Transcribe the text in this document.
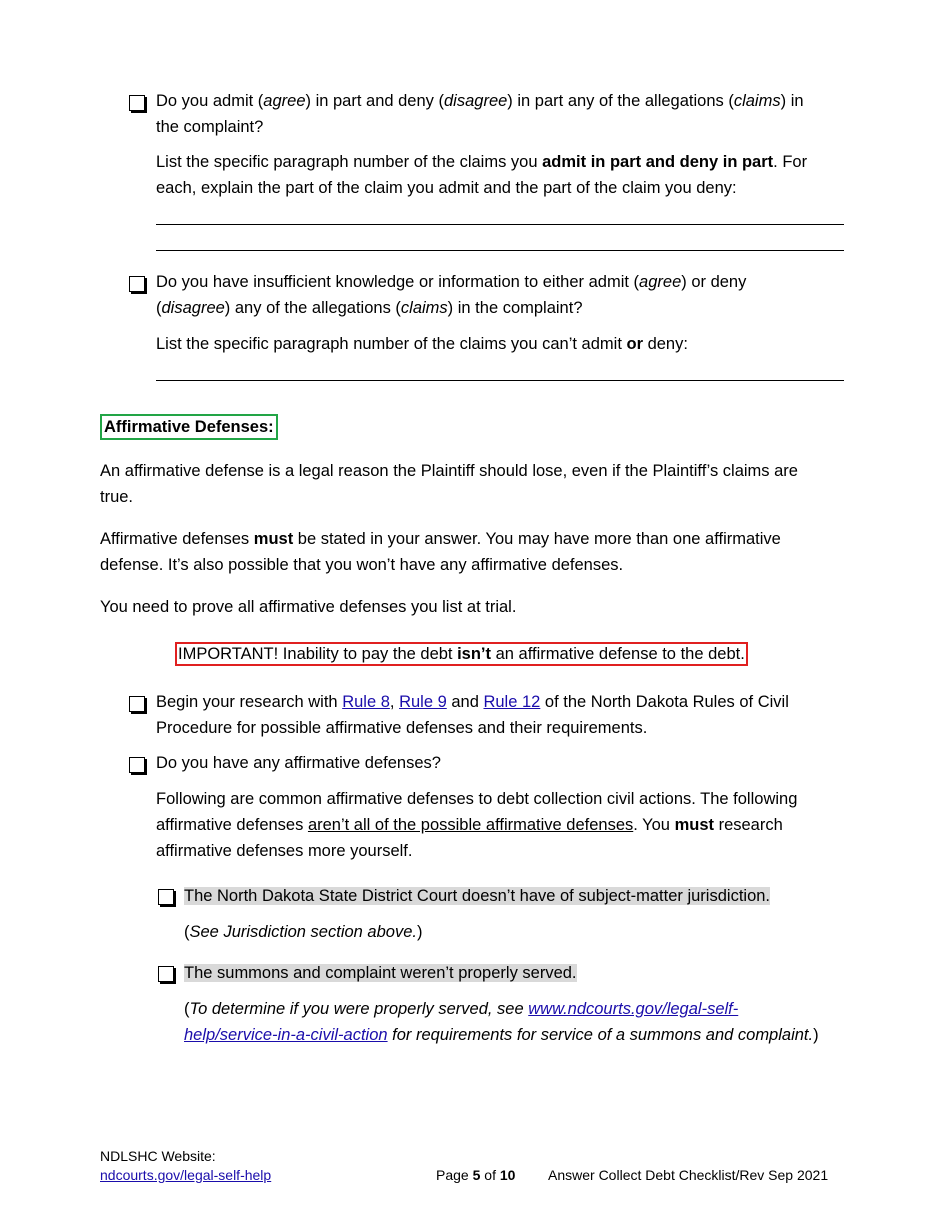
Do you admit (agree) in part and deny (disagree) in part any of the allegations (claims) in
the complaint?
List the specific paragraph number of the claims you admit in part and deny in part. For
each, explain the part of the claim you admit and the part of the claim you deny:
Do you have insufficient knowledge or information to either admit (agree) or deny
(disagree) any of the allegations (claims) in the complaint?
List the specific paragraph number of the claims you can’t admit or deny:
Affirmative Defenses:
An affirmative defense is a legal reason the Plaintiff should lose, even if the Plaintiff’s claims are
true.
Affirmative defenses must be stated in your answer. You may have more than one affirmative
defense. It’s also possible that you won’t have any affirmative defenses.
You need to prove all affirmative defenses you list at trial.
IMPORTANT! Inability to pay the debt isn’t an affirmative defense to the debt.
Begin your research with Rule 8, Rule 9 and Rule 12 of the North Dakota Rules of Civil
Procedure for possible affirmative defenses and their requirements.
Do you have any affirmative defenses?
Following are common affirmative defenses to debt collection civil actions. The following
affirmative defenses aren’t all of the possible affirmative defenses. You must research
affirmative defenses more yourself.
The North Dakota State District Court doesn’t have of subject-matter jurisdiction.
(See Jurisdiction section above.)
The summons and complaint weren’t properly served.
(To determine if you were properly served, see www.ndcourts.gov/legal-self-
help/service-in-a-civil-action for requirements for service of a summons and complaint.)
NDLSHC Website:
ndcourts.gov/legal-self-help	Page 5 of 10 Answer Collect Debt Checklist/Rev Sep 2021
